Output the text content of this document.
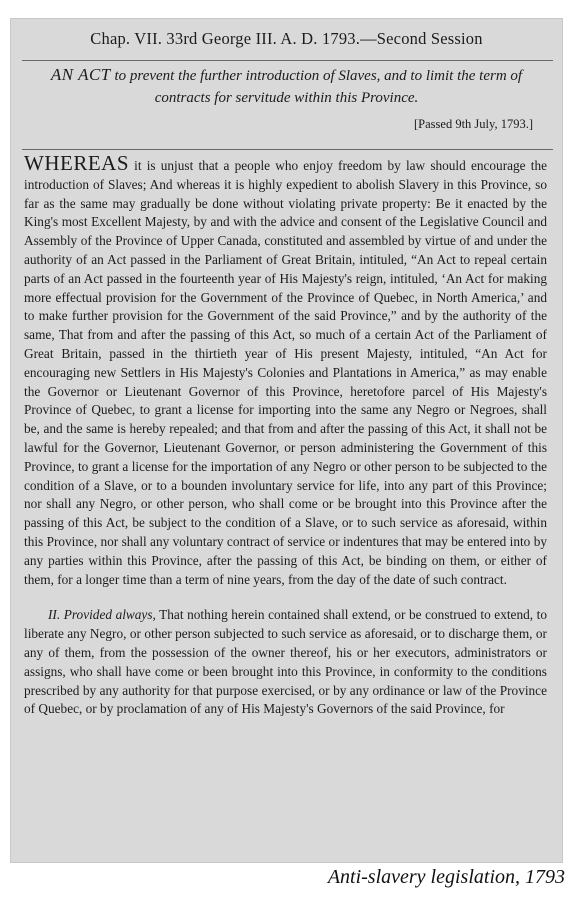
Chap. VII. 33rd George III. A. D. 1793.—Second Session
AN ACT to prevent the further introduction of Slaves, and to limit the term of contracts for servitude within this Province.
[Passed 9th July, 1793.]

WHEREAS it is unjust that a people who enjoy freedom by law should encourage the introduction of Slaves; And whereas it is highly expedient to abolish Slavery in this Province, so far as the same may gradually be done without violating private property: Be it enacted by the King's most Excellent Majesty, by and with the advice and consent of the Legislative Council and Assembly of the Province of Upper Canada, constituted and assembled by virtue of and under the authority of an Act passed in the Parliament of Great Britain, intituled, “An Act to repeal certain parts of an Act passed in the fourteenth year of His Majesty's reign, intituled, ‘An Act for making more effectual provision for the Government of the Province of Quebec, in North America,’ and to make further provision for the Government of the said Province,” and by the authority of the same, That from and after the passing of this Act, so much of a certain Act of the Parliament of Great Britain, passed in the thirtieth year of His present Majesty, intituled, “An Act for encouraging new Settlers in His Majesty's Colonies and Plantations in America,” as may enable the Governor or Lieutenant Governor of this Province, heretofore parcel of His Majesty's Province of Quebec, to grant a license for importing into the same any Negro or Negroes, shall be, and the same is hereby repealed; and that from and after the passing of this Act, it shall not be lawful for the Governor, Lieutenant Governor, or person administering the Government of this Province, to grant a license for the importation of any Negro or other person to be subjected to the condition of a Slave, or to a bounden involuntary service for life, into any part of this Province; nor shall any Negro, or other person, who shall come or be brought into this Province after the passing of this Act, be subject to the condition of a Slave, or to such service as aforesaid, within this Province, nor shall any voluntary contract of service or indentures that may be entered into by any parties within this Province, after the passing of this Act, be binding on them, or either of them, for a longer time than a term of nine years, from the day of the date of such contract.

II. Provided always, That nothing herein contained shall extend, or be construed to extend, to liberate any Negro, or other person subjected to such service as aforesaid, or to discharge them, or any of them, from the possession of the owner thereof, his or her executors, administrators or assigns, who shall have come or been brought into this Province, in conformity to the conditions prescribed by any authority for that purpose exercised, or by any ordinance or law of the Province of Quebec, or by proclamation of any of His Majesty's Governors of the said Province, for

Anti-slavery legislation, 1793
